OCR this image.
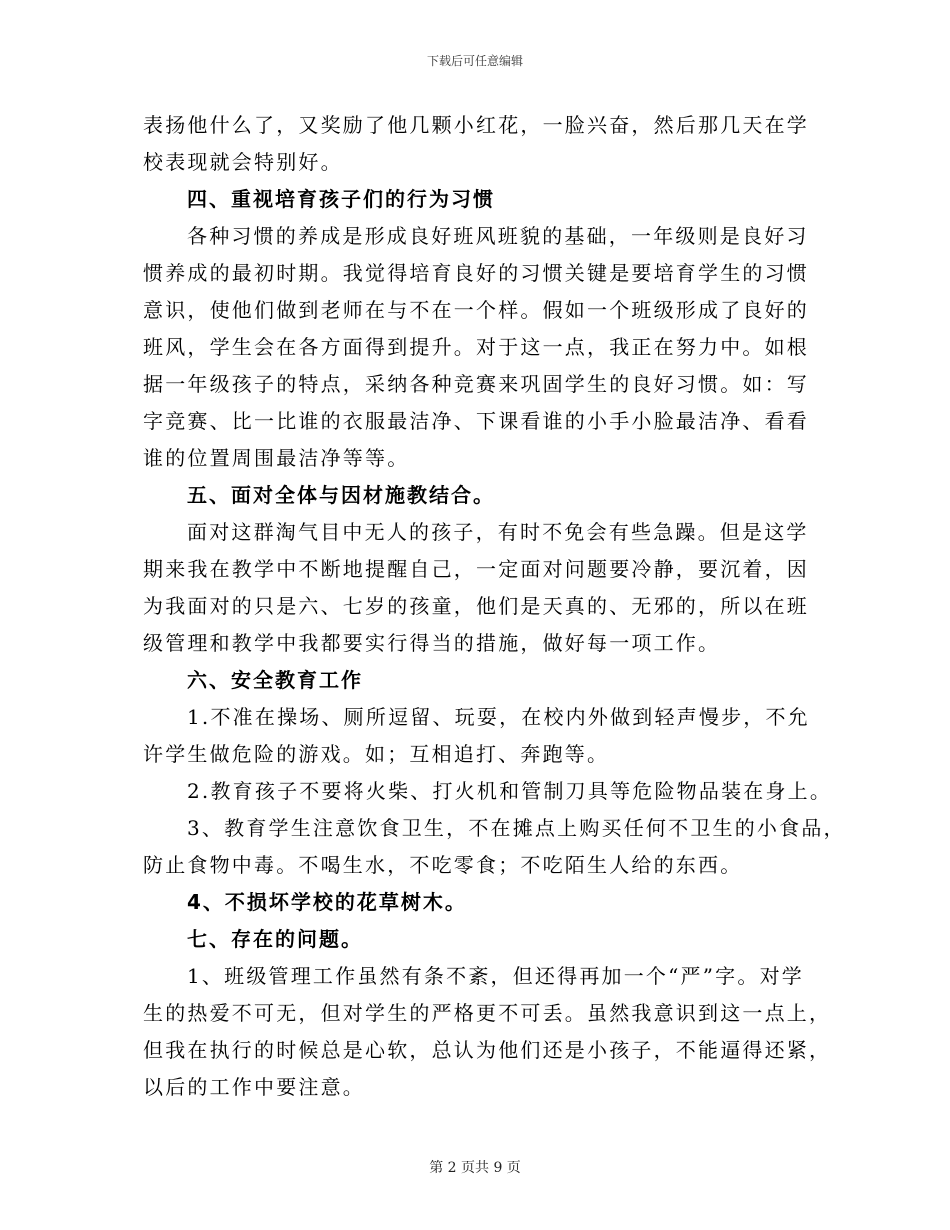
下载后可任意编辑
表扬他什么了，又奖励了他几颗小红花，一脸兴奋，然后那几天在学
校表现就会特别好。
四、重视培育孩子们的行为习惯
各种习惯的养成是形成良好班风班貌的基础，一年级则是良好习
惯养成的最初时期。我觉得培育良好的习惯关键是要培育学生的习惯
意识，使他们做到老师在与不在一个样。假如一个班级形成了良好的
班风，学生会在各方面得到提升。对于这一点，我正在努力中。如根
据一年级孩子的特点，采纳各种竞赛来巩固学生的良好习惯。如：写
字竞赛、比一比谁的衣服最洁净、下课看谁的小手小脸最洁净、看看
谁的位置周围最洁净等等。
五、面对全体与因材施教结合。
面对这群淘气目中无人的孩子，有时不免会有些急躁。但是这学
期来我在教学中不断地提醒自己，一定面对问题要冷静，要沉着，因
为我面对的只是六、七岁的孩童，他们是天真的、无邪的，所以在班
级管理和教学中我都要实行得当的措施，做好每一项工作。
六、安全教育工作
1.不准在操场、厕所逗留、玩耍，在校内外做到轻声慢步，不允
许学生做危险的游戏。如；互相追打、奔跑等。
2.教育孩子不要将火柴、打火机和管制刀具等危险物品装在身上。
3、教育学生注意饮食卫生，不在摊点上购买任何不卫生的小食品，
防止食物中毒。不喝生水，不吃零食；不吃陌生人给的东西。
4、不损坏学校的花草树木。
七、存在的问题。
1、班级管理工作虽然有条不紊，但还得再加一个“严”字。对学
生的热爱不可无，但对学生的严格更不可丢。虽然我意识到这一点上，
但我在执行的时候总是心软，总认为他们还是小孩子，不能逼得还紧，
以后的工作中要注意。
第 2 页共 9 页
